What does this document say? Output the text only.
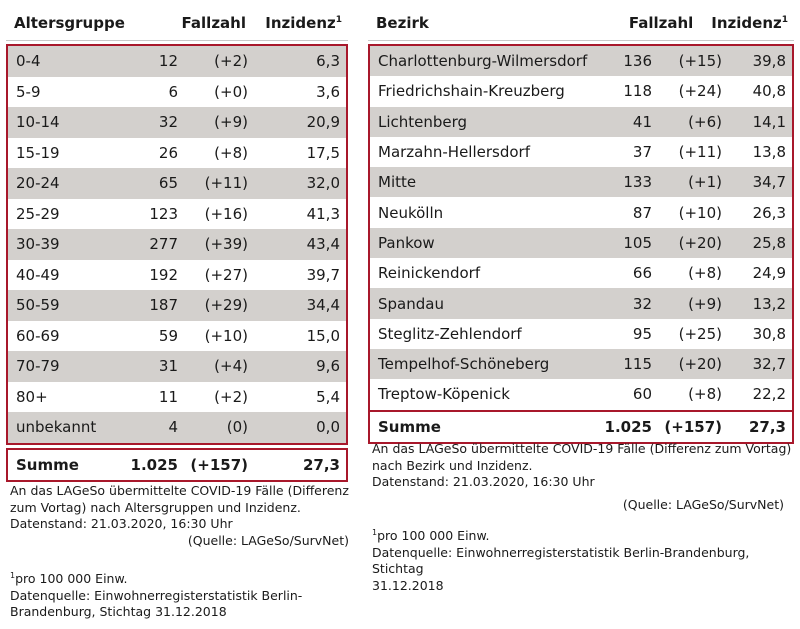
Altersgruppe	Fallzahl	Inzidenz$^1$
0-4	12	(+2)	6,3
5-9	6	(+0)	3,6
10-14	32	(+9)	20,9
15-19	26	(+8)	17,5
20-24	65	(+11)	32,0
25-29	123	(+16)	41,3
30-39	277	(+39)	43,4
40-49	192	(+27)	39,7
50-59	187	(+29)	34,4
60-69	59	(+10)	15,0
70-79	31	(+4)	9,6
80+	11	(+2)	5,4
unbekannt	4	(0)	0,0
Summe	1.025 (+157)	27,3
An das LAGeSo übermittelte COVID-19 Fälle (Differenz
zum Vortag) nach Altersgruppen und Inzidenz.
Datenstand: 21.03.2020, 16:30 Uhr
(Quelle: LAGeSo/SurvNet)
$^1$pro 100 000 Einw.
Datenquelle: Einwohnerregisterstatistik Berlin-
Brandenburg, Stichtag 31.12.2018
Bezirk	Fallzahl	Inzidenz$^1$
Charlottenburg-Wilmersdorf	136	(+15)	39,8
Friedrichshain-Kreuzberg	118	(+24)	40,8
Lichtenberg	41	(+6)	14,1
Marzahn-Hellersdorf	37	(+11)	13,8
Mitte	133	(+1)	34,7
Neukölln	87	(+10)	26,3
Pankow	105	(+20)	25,8
Reinickendorf	66	(+8)	24,9
Spandau	32	(+9)	13,2
Steglitz-Zehlendorf	95	(+25)	30,8
Tempelhof-Schöneberg	115	(+20)	32,7
Treptow-Köpenick	60	(+8)	22,2
Summe	1.025 (+157)	27,3
An das LAGeSo übermittelte COVID-19 Fälle (Differenz zum Vortag)
nach Bezirk und Inzidenz.
Datenstand: 21.03.2020, 16:30 Uhr
(Quelle: LAGeSo/SurvNet)
$^1$pro 100 000 Einw.
Datenquelle: Einwohnerregisterstatistik Berlin-Brandenburg, Stichtag
31.12.2018
